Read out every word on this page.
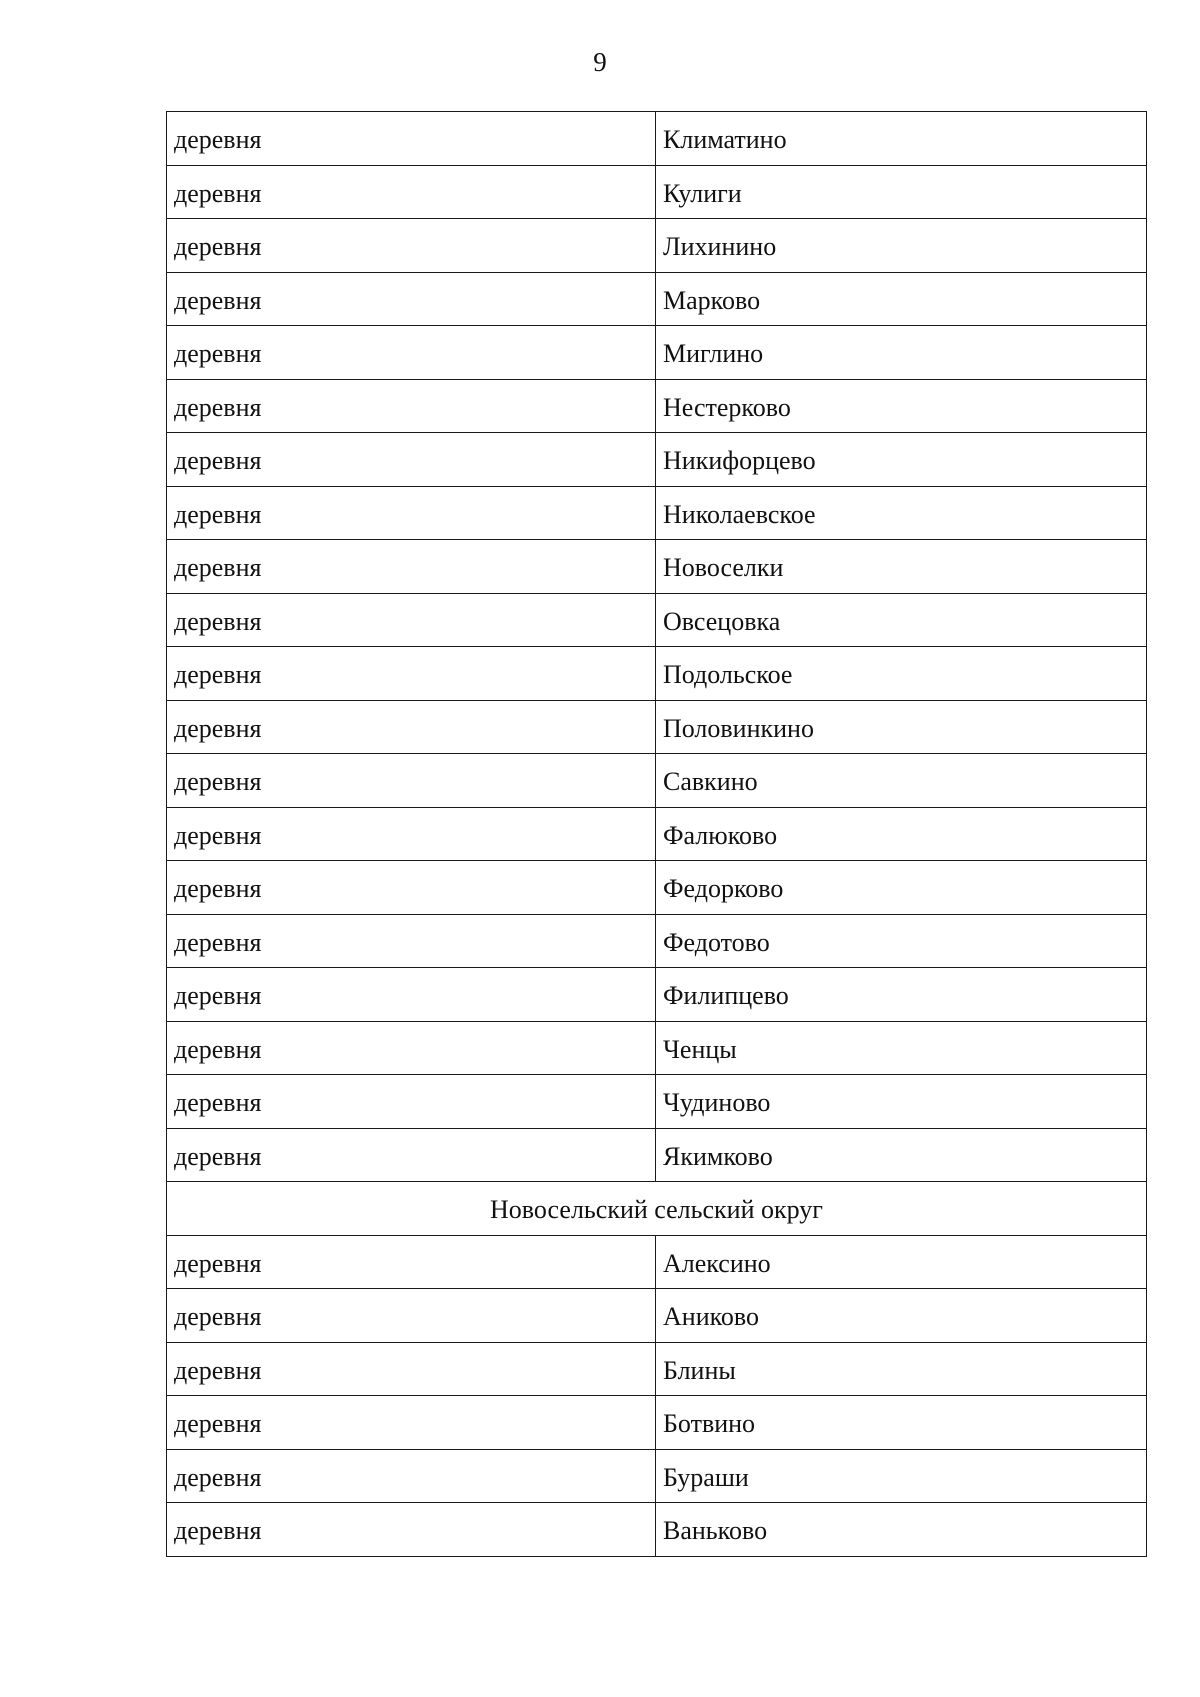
9
деревня	Климатино
деревня	Кулиги
деревня	Лихинино
деревня	Марково
деревня	Миглино
деревня	Нестерково
деревня	Никифорцево
деревня	Николаевское
деревня	Новоселки
деревня	Овсецовка
деревня	Подольское
деревня	Половинкино
деревня	Савкино
деревня	Фалюково
деревня	Федорково
деревня	Федотово
деревня	Филипцево
деревня	Ченцы
деревня	Чудиново
деревня	Якимково
Новосельский сельский округ
деревня	Алексино
деревня	Аниково
деревня	Блины
деревня	Ботвино
деревня	Бураши
деревня	Ваньково
